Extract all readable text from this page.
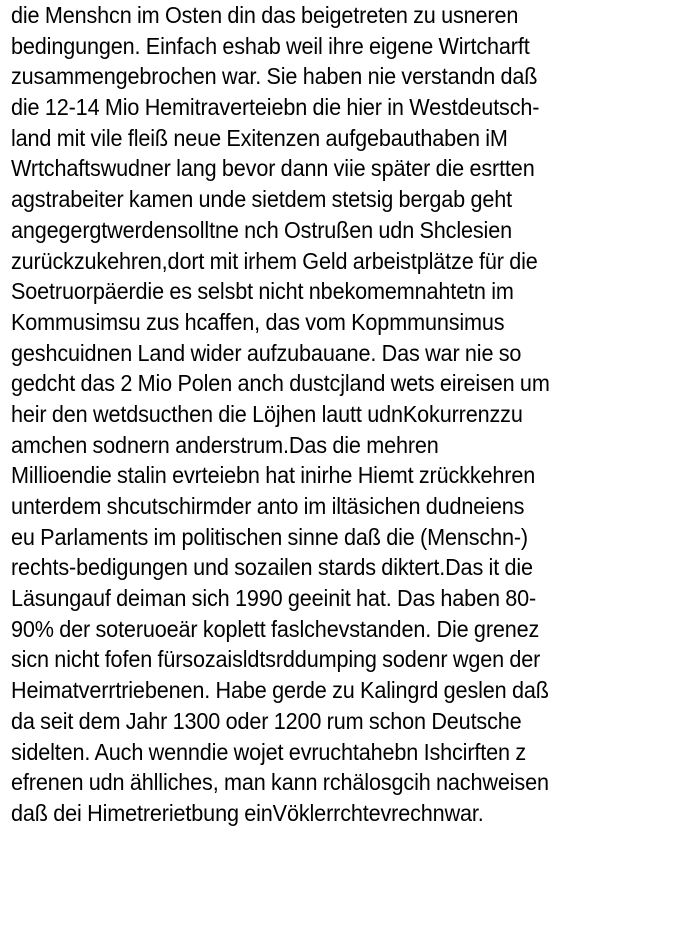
die Menshcn im Osten din das beigetreten zu usneren
bedingungen. Einfach eshab weil ihre eigene Wirtcharft
zusammengebrochen war. Sie haben nie verstandn daß
die 12-14 Mio Hemitraverteiebn die hier in Westdeutsch-
land mit vile fleiß neue Exitenzen aufgebauthaben iM
Wrtchaftswudner lang bevor dann viie später die esrtten
agstrabeiter kamen unde sietdem stetsig bergab geht
angegergtwerdensolltne nch Ostrußen udn Shclesien
zurückzukehren,dort mit irhem Geld arbeistplätze für die
Soetruorpäerdie es selsbt nicht nbekomemnahtetn im
Kommusimsu zus hcaffen, das vom Kopmmunsimus
geshcuidnen Land wider aufzubauane. Das war nie so
gedcht das 2 Mio Polen anch dustcjland wets eireisen um
heir den wetdsucthen die Löjhen lautt udnKokurrenzzu
amchen sodnern anderstrum.Das die mehren
Millioendie stalin evrteiebn hat inirhe Hiemt zrückkehren
unterdem shcutschirmder anto im iltäsichen dudneiens
eu Parlaments im politischen sinne daß die (Menschn-)
rechts-bedigungen und sozailen stards diktert.Das it die
Läsungauf deiman sich 1990 geeinit hat. Das haben 80-
90% der soteruoeär koplett faslchevstanden. Die grenez
sicn nicht fofen fürsozaisldtsrddumping sodenr wgen der
Heimatverrtriebenen. Habe gerde zu Kalingrd geslen daß
da seit dem Jahr 1300 oder 1200 rum schon Deutsche
sidelten. Auch wenndie wojet evruchtahebn Ishcirften z
efrenen udn ählliches, man kann rchälosgcih nachweisen
daß dei Himetrerietbung einVöklerrchtevrechnwar.
